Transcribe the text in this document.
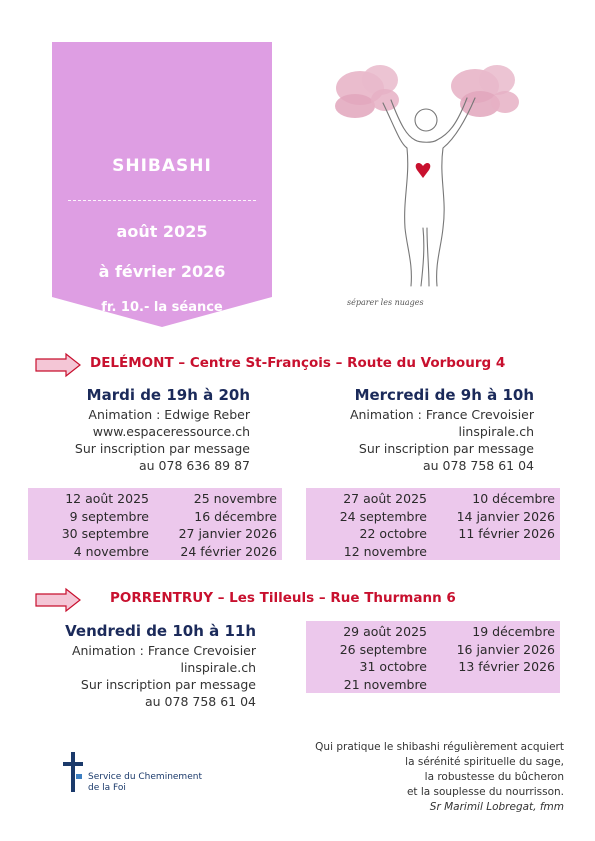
SHIBASHI
août 2025
à février 2026
fr. 10.- la séance	séparer les nuages
DELÉMONT – Centre St-François – Route du Vorbourg 4
Mardi de 19h à 20h
Animation : Edwige Reber
www.espaceressource.ch
Sur inscription par message
au 078 636 89 87
Mercredi de 9h à 10h
Animation : France Crevoisier
linspirale.ch
Sur inscription par message
au 078 758 61 04
12 août 2025
9 septembre
30 septembre
4 novembre
25 novembre
16 décembre
27 janvier 2026
24 février 2026
27 août 2025
24 septembre
22 octobre
12 novembre
10 décembre
14 janvier 2026
11 février 2026
PORRENTRUY – Les Tilleuls – Rue Thurmann 6
Vendredi de 10h à 11h
Animation : France Crevoisier
linspirale.ch
Sur inscription par message
au 078 758 61 04
29 août 2025
26 septembre
31 octobre
21 novembre
19 décembre
16 janvier 2026
13 février 2026
Service du Cheminement
de la Foi
Qui pratique le shibashi régulièrement acquiert
la sérénité spirituelle du sage,
la robustesse du bûcheron
et la souplesse du nourrisson.
Sr Marimil Lobregat, fmm
